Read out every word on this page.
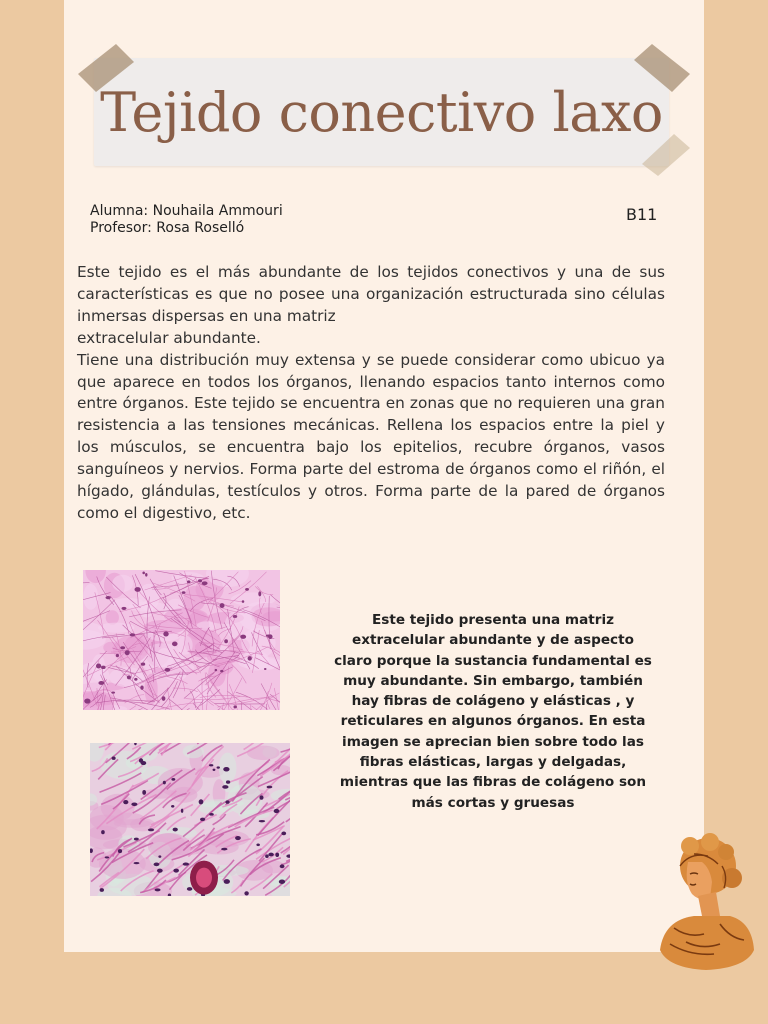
Tejido conectivo laxo
Alumna: Nouhaila Ammouri
Profesor: Rosa Roselló
B11

Este tejido es el más abundante de los tejidos conectivos y una de sus características es que no posee una organización estructurada sino células inmersas dispersas en una matriz

extracelular abundante.

Tiene una distribución muy extensa y se puede considerar como ubicuo ya que aparece en todos los órganos, llenando espacios tanto internos como entre órganos. Este tejido se encuentra en zonas que no requieren una gran resistencia a las tensiones mecánicas. Rellena los espacios entre la piel y los músculos, se encuentra bajo los epitelios, recubre órganos, vasos sanguíneos y nervios. Forma parte del estroma de órganos como el riñón, el hígado, glándulas, testículos y otros. Forma parte de la pared de órganos como el digestivo, etc.

Este tejido presenta una matriz extracelular abundante y de aspecto claro porque la sustancia fundamental es muy abundante. Sin embargo, también hay fibras de colágeno y elásticas , y reticulares en algunos órganos. En esta imagen se aprecian bien sobre todo las fibras elásticas, largas y delgadas, mientras que las fibras de colágeno son más cortas y gruesas
